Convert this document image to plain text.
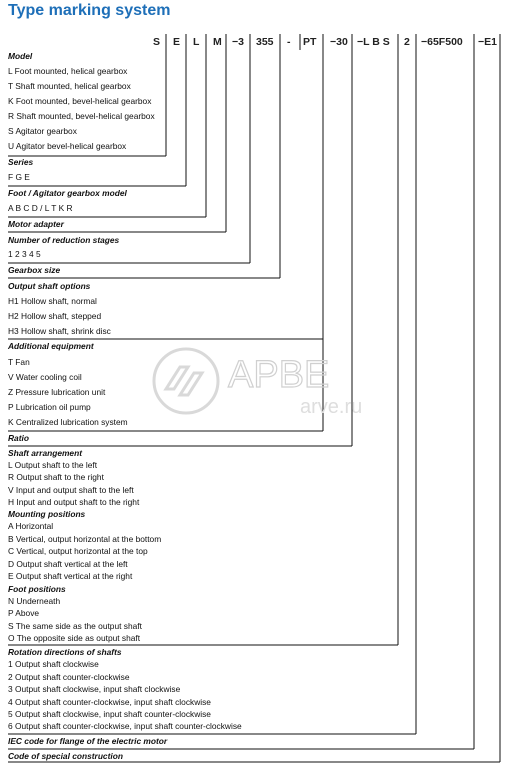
Type marking system
S E L M −3 355 - PT −30 −L B S 2 −65F500 −E1
АРВЕ
arve.ru
Model
L Foot mounted, helical gearbox
T Shaft mounted, helical gearbox
K Foot mounted, bevel-helical gearbox
R Shaft mounted, bevel-helical gearbox
S Agitator gearbox
U Agitator bevel-helical gearbox
Series
F G E
Foot / Agitator gearbox model
A B C D / L T K R
Motor adapter
Number of reduction stages
1 2 3 4 5
Gearbox size
Output shaft options
H1 Hollow shaft, normal
H2 Hollow shaft, stepped
H3 Hollow shaft, shrink disc
Additional equipment
T Fan
V Water cooling coil
Z Pressure lubrication unit
P Lubrication oil pump
K Centralized lubrication system
Ratio
Shaft arrangement
L Output shaft to the left
R Output shaft to the right
V Input and output shaft to the left
H Input and output shaft to the right
Mounting positions
A Horizontal
B Vertical, output horizontal at the bottom
C Vertical, output horizontal at the top
D Output shaft vertical at the left
E Output shaft vertical at the right
Foot positions
N Underneath
P Above
S The same side as the output shaft
O The opposite side as output shaft
Rotation directions of shafts
1 Output shaft clockwise
2 Output shaft counter-clockwise
3 Output shaft clockwise, input shaft clockwise
4 Output shaft counter-clockwise, input shaft clockwise
5 Output shaft clockwise, input shaft counter-clockwise
6 Output shaft counter-clockwise, input shaft counter-clockwise
IEC code for flange of the electric motor
Code of special construction
